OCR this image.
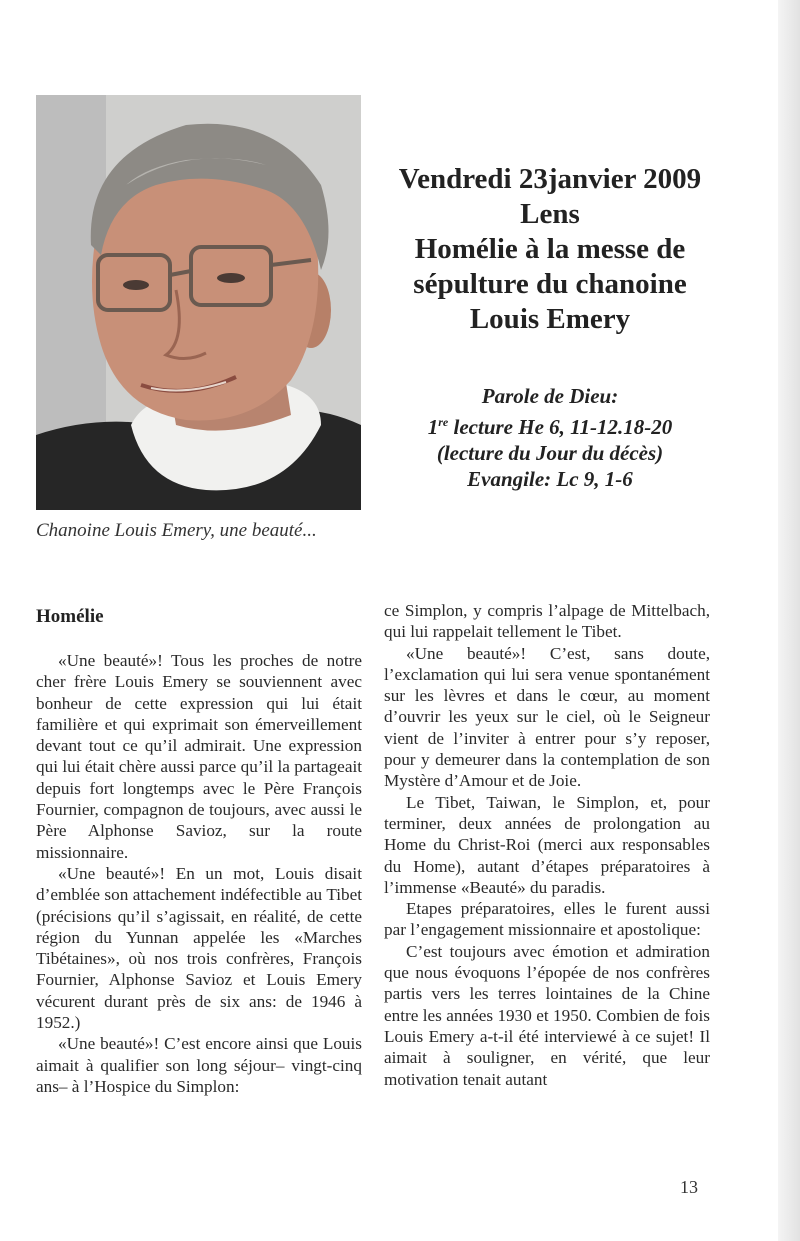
Chanoine Louis Emery, une beauté...
Vendredi 23janvier 2009
Lens
Homélie à la messe de
sépulture du chanoine
Louis Emery
Parole de Dieu:
1re lecture He 6, 11-12.18-20
(lecture du Jour du décès)
Evangile: Lc 9, 1-6
Homélie

«Une beauté»! Tous les proches de notre cher frère Louis Emery se souviennent avec bonheur de cette expression qui lui était familière et qui exprimait son émerveillement devant tout ce qu’il admirait. Une expression qui lui était chère aussi parce qu’il la partageait depuis fort longtemps avec le Père François Fournier, compagnon de toujours, avec aussi le Père Alphonse Savioz, sur la route missionnaire.

«Une beauté»! En un mot, Louis disait d’emblée son attachement indéfectible au Tibet (précisions qu’il s’agissait, en réalité, de cette région du Yunnan appelée les «Marches Tibétaines», où nos trois confrères, François Fournier, Alphonse Savioz et Louis Emery vécurent durant près de six ans: de 1946 à 1952.)

«Une beauté»! C’est encore ainsi que Louis aimait à qualifier son long séjour– vingt-cinq ans– à l’Hospice du Simplon:

ce Simplon, y compris l’alpage de Mittelbach, qui lui rappelait tellement le Tibet.

«Une beauté»! C’est, sans doute, l’exclamation qui lui sera venue spontanément sur les lèvres et dans le cœur, au moment d’ouvrir les yeux sur le ciel, où le Seigneur vient de l’inviter à entrer pour s’y reposer, pour y demeurer dans la contemplation de son Mystère d’Amour et de Joie.

Le Tibet, Taiwan, le Simplon, et, pour terminer, deux années de prolongation au Home du Christ-Roi (merci aux responsables du Home), autant d’étapes préparatoires à l’immense «Beauté» du paradis.

Etapes préparatoires, elles le furent aussi par l’engagement missionnaire et apostolique:

C’est toujours avec émotion et admiration que nous évoquons l’épopée de nos confrères partis vers les terres lointaines de la Chine entre les années 1930 et 1950. Combien de fois Louis Emery a-t-il été interviewé à ce sujet! Il aimait à souligner, en vérité, que leur motivation tenait autant

13
